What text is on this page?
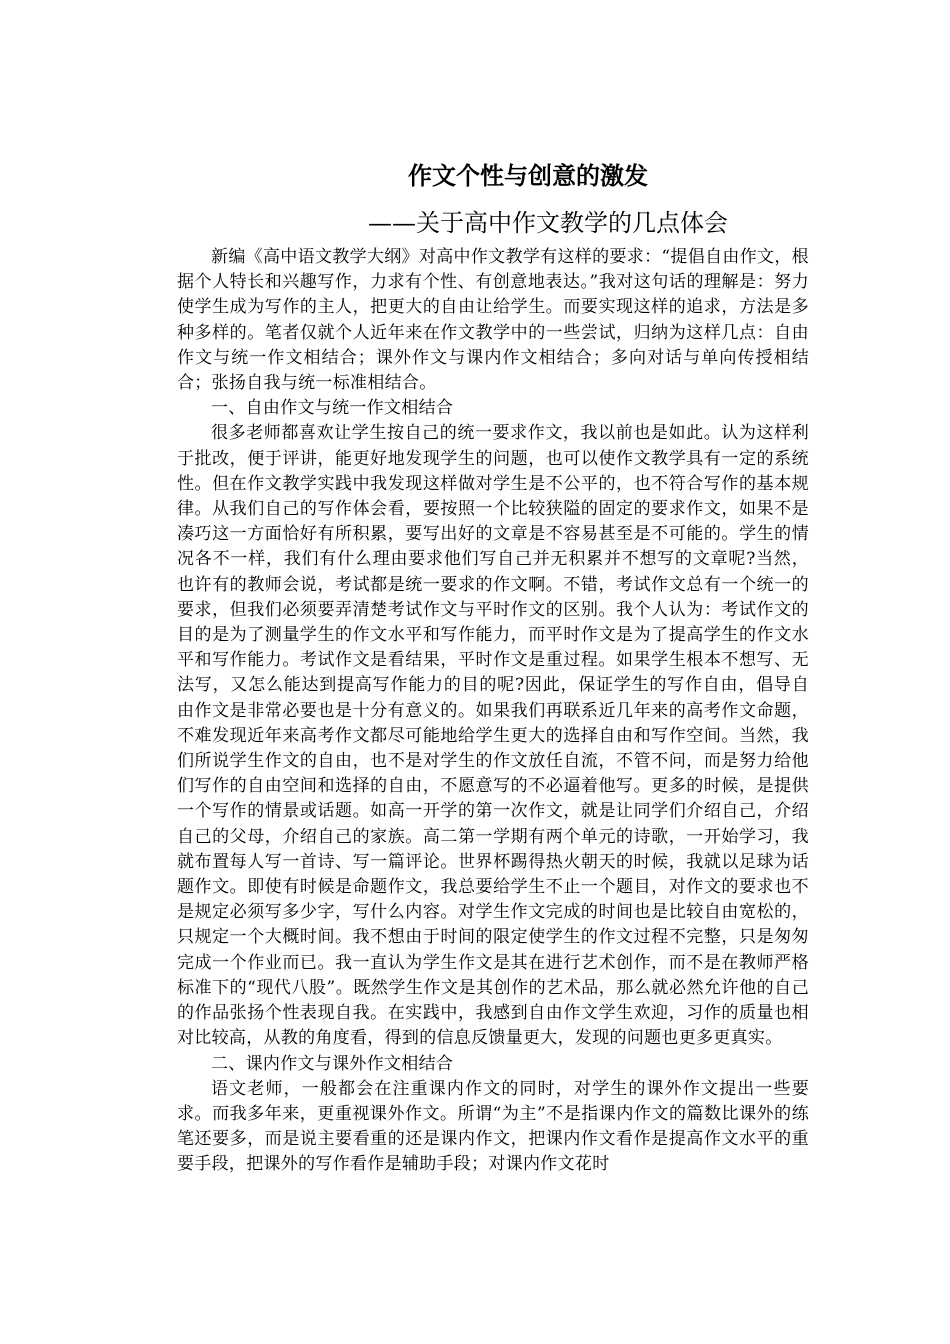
作文个性与创意的激发
——关于高中作文教学的几点体会

新编《高中语文教学大纲》对高中作文教学有这样的要求：“提倡自由作文，根据个人特长和兴趣写作，力求有个性、有创意地表达。”我对这句话的理解是：努力使学生成为写作的主人，把更大的自由让给学生。而要实现这样的追求，方法是多种多样的。笔者仅就个人近年来在作文教学中的一些尝试，归纳为这样几点：自由作文与统一作文相结合；课外作文与课内作文相结合；多向对话与单向传授相结合；张扬自我与统一标准相结合。

一、自由作文与统一作文相结合

很多老师都喜欢让学生按自己的统一要求作文，我以前也是如此。认为这样利于批改，便于评讲，能更好地发现学生的问题，也可以使作文教学具有一定的系统性。但在作文教学实践中我发现这样做对学生是不公平的，也不符合写作的基本规律。从我们自己的写作体会看，要按照一个比较狭隘的固定的要求作文，如果不是凑巧这一方面恰好有所积累，要写出好的文章是不容易甚至是不可能的。学生的情况各不一样，我们有什么理由要求他们写自己并无积累并不想写的文章呢?当然，也许有的教师会说，考试都是统一要求的作文啊。不错，考试作文总有一个统一的要求，但我们必须要弄清楚考试作文与平时作文的区别。我个人认为：考试作文的目的是为了测量学生的作文水平和写作能力，而平时作文是为了提高学生的作文水平和写作能力。考试作文是看结果，平时作文是重过程。如果学生根本不想写、无法写，又怎么能达到提高写作能力的目的呢?因此，保证学生的写作自由，倡导自由作文是非常必要也是十分有意义的。如果我们再联系近几年来的高考作文命题，不难发现近年来高考作文都尽可能地给学生更大的选择自由和写作空间。当然，我们所说学生作文的自由，也不是对学生的作文放任自流，不管不问，而是努力给他们写作的自由空间和选择的自由，不愿意写的不必逼着他写。更多的时候，是提供一个写作的情景或话题。如高一开学的第一次作文，就是让同学们介绍自己，介绍自己的父母，介绍自己的家族。高二第一学期有两个单元的诗歌，一开始学习，我就布置每人写一首诗、写一篇评论。世界杯踢得热火朝天的时候，我就以足球为话题作文。即使有时候是命题作文，我总要给学生不止一个题目，对作文的要求也不是规定必须写多少字，写什么内容。对学生作文完成的时间也是比较自由宽松的，只规定一个大概时间。我不想由于时间的限定使学生的作文过程不完整，只是匆匆完成一个作业而已。我一直认为学生作文是其在进行艺术创作，而不是在教师严格标准下的“现代八股”。既然学生作文是其创作的艺术品，那么就必然允许他的自己的作品张扬个性表现自我。在实践中，我感到自由作文学生欢迎，习作的质量也相对比较高，从教的角度看，得到的信息反馈量更大，发现的问题也更多更真实。

二、课内作文与课外作文相结合

语文老师，一般都会在注重课内作文的同时，对学生的课外作文提出一些要求。而我多年来，更重视课外作文。所谓“为主”不是指课内作文的篇数比课外的练笔还要多，而是说主要看重的还是课内作文，把课内作文看作是提高作文水平的重要手段，把课外的写作看作是辅助手段；对课内作文花时
